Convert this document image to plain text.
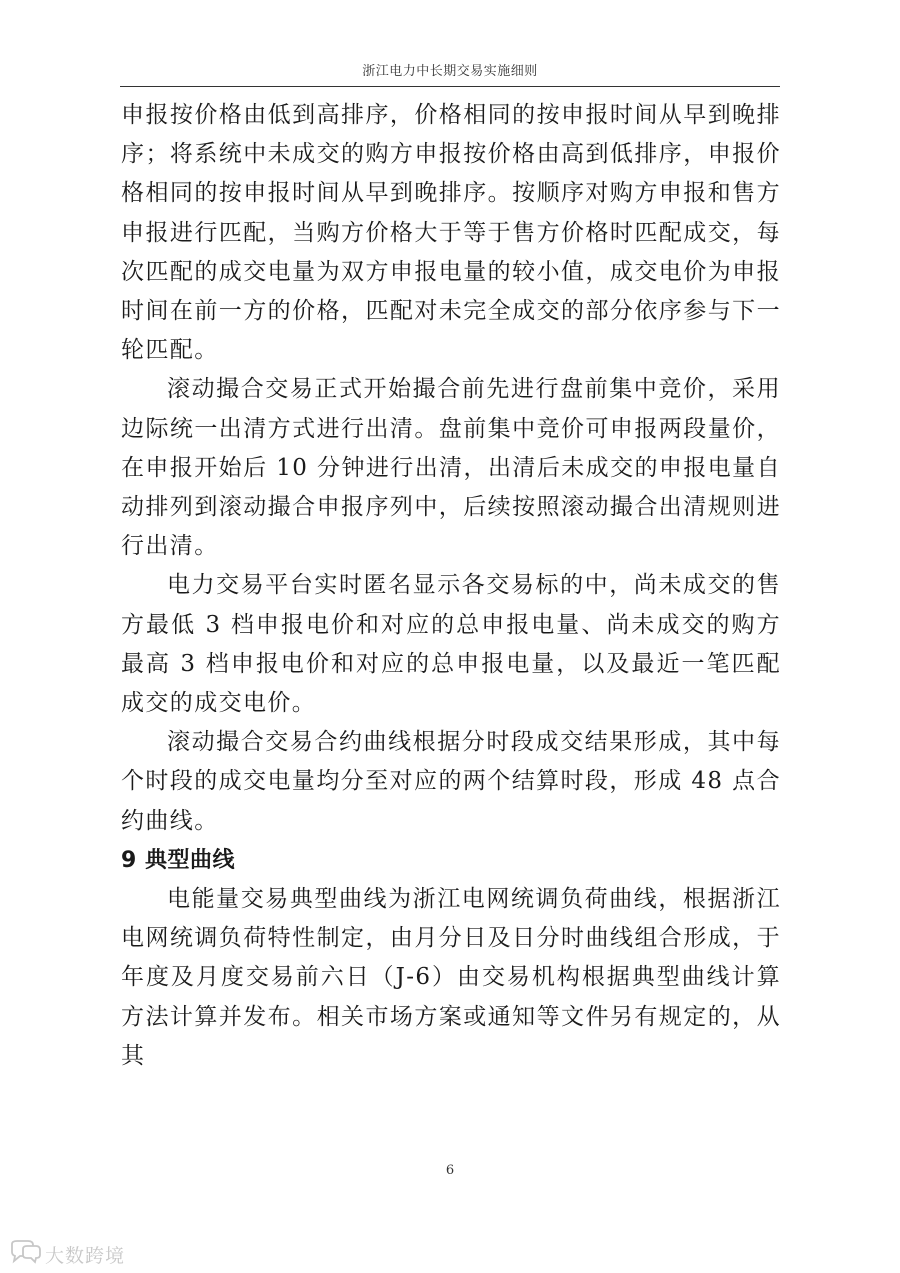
浙江电力中长期交易实施细则

申报按价格由低到高排序，价格相同的按申报时间从早到晚排序；将系统中未成交的购方申报按价格由高到低排序，申报价格相同的按申报时间从早到晚排序。按顺序对购方申报和售方申报进行匹配，当购方价格大于等于售方价格时匹配成交，每次匹配的成交电量为双方申报电量的较小值，成交电价为申报时间在前一方的价格，匹配对未完全成交的部分依序参与下一轮匹配。

滚动撮合交易正式开始撮合前先进行盘前集中竞价，采用边际统一出清方式进行出清。盘前集中竞价可申报两段量价，在申报开始后 10 分钟进行出清，出清后未成交的申报电量自动排列到滚动撮合申报序列中，后续按照滚动撮合出清规则进行出清。

电力交易平台实时匿名显示各交易标的中，尚未成交的售方最低 3 档申报电价和对应的总申报电量、尚未成交的购方最高 3 档申报电价和对应的总申报电量，以及最近一笔匹配成交的成交电价。

滚动撮合交易合约曲线根据分时段成交结果形成，其中每个时段的成交电量均分至对应的两个结算时段，形成 48 点合约曲线。

9 典型曲线

电能量交易典型曲线为浙江电网统调负荷曲线，根据浙江电网统调负荷特性制定，由月分日及日分时曲线组合形成，于年度及月度交易前六日（J-6）由交易机构根据典型曲线计算方法计算并发布。相关市场方案或通知等文件另有规定的，从其

6
大数跨境
